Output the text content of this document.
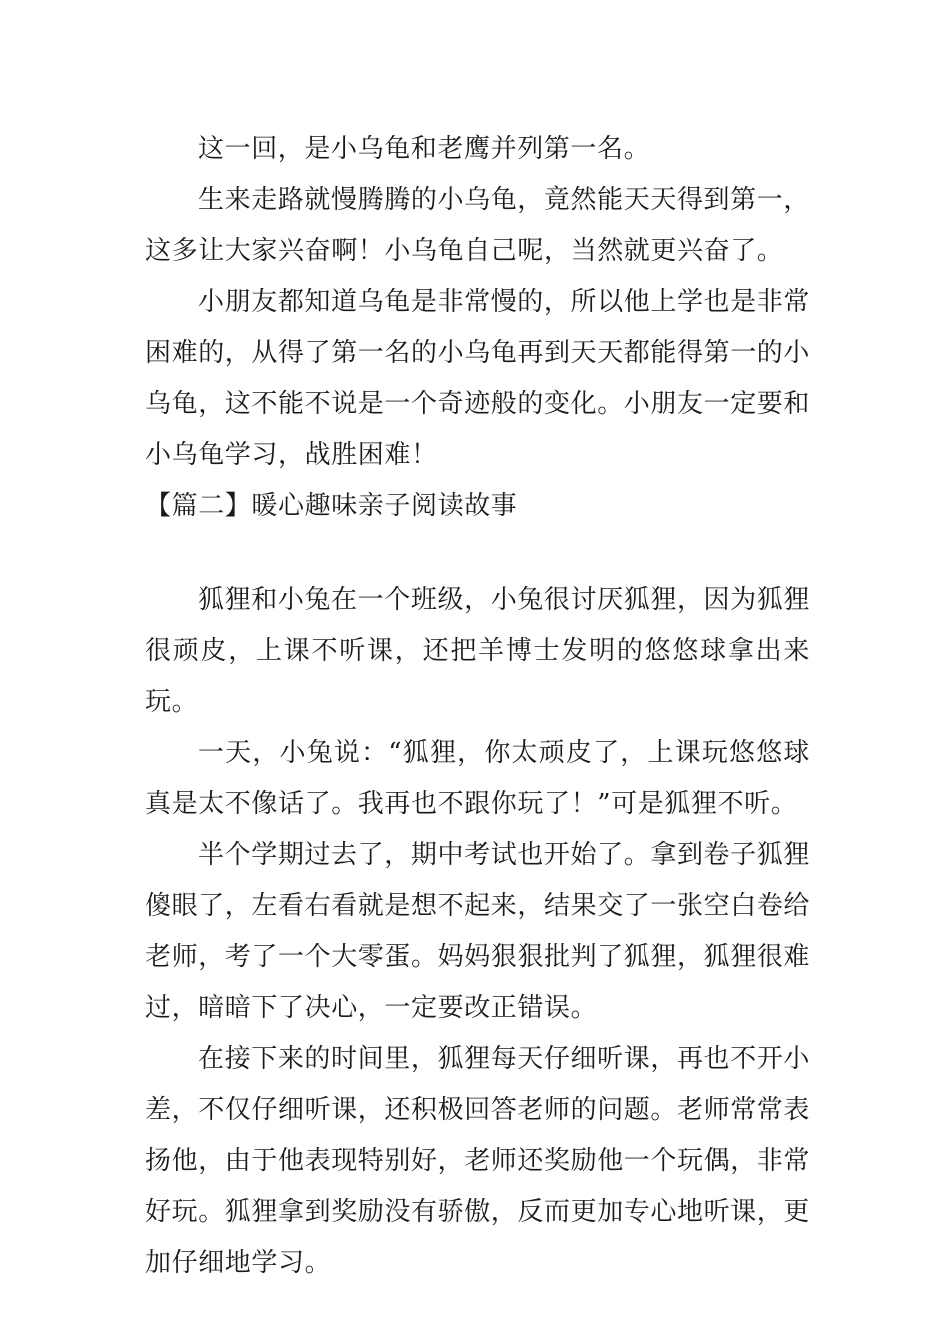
这一回，是小乌龟和老鹰并列第一名。

生来走路就慢腾腾的小乌龟，竟然能天天得到第一，这多让大家兴奋啊！小乌龟自己呢，当然就更兴奋了。

小朋友都知道乌龟是非常慢的，所以他上学也是非常困难的，从得了第一名的小乌龟再到天天都能得第一的小乌龟，这不能不说是一个奇迹般的变化。小朋友一定要和小乌龟学习，战胜困难！

【篇二】暖心趣味亲子阅读故事

狐狸和小兔在一个班级，小兔很讨厌狐狸，因为狐狸很顽皮，上课不听课，还把羊博士发明的悠悠球拿出来玩。

一天，小兔说：“狐狸，你太顽皮了，上课玩悠悠球真是太不像话了。我再也不跟你玩了！”可是狐狸不听。

半个学期过去了，期中考试也开始了。拿到卷子狐狸傻眼了，左看右看就是想不起来，结果交了一张空白卷给老师，考了一个大零蛋。妈妈狠狠批判了狐狸，狐狸很难过，暗暗下了决心，一定要改正错误。

在接下来的时间里，狐狸每天仔细听课，再也不开小差，不仅仔细听课，还积极回答老师的问题。老师常常表扬他，由于他表现特别好，老师还奖励他一个玩偶，非常好玩。狐狸拿到奖励没有骄傲，反而更加专心地听课，更加仔细地学习。
